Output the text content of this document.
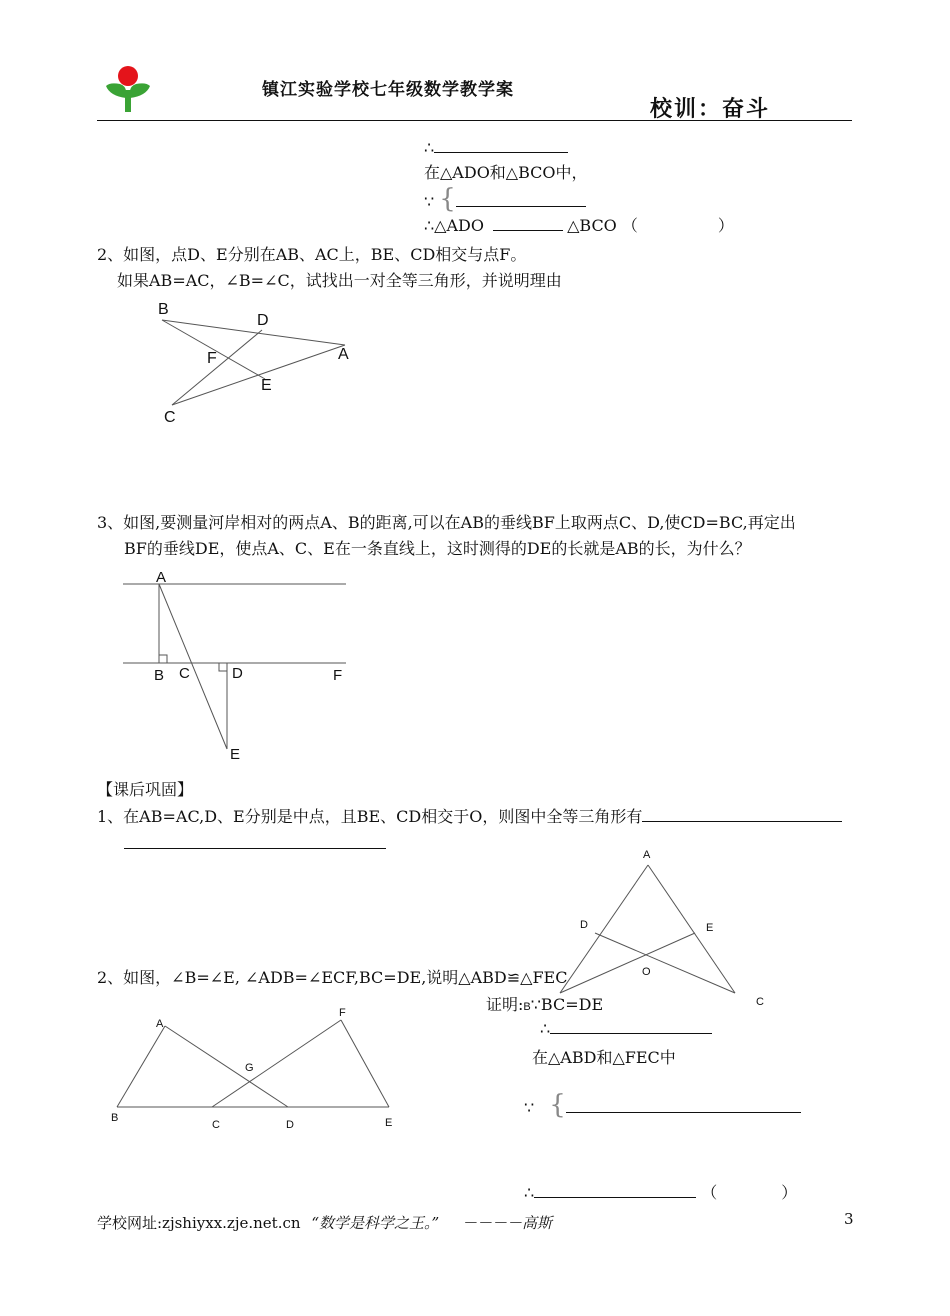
镇江实验学校七年级数学教学案
校训：奋斗
∴
在△ADO和△BCO中，
∵ {
∴△ADO	△BCO （　　　　　）
2、如图，点D、E分别在AB、AC上，BE、CD相交与点F。
如果AB=AC，∠B=∠C，试找出一对全等三角形，并说明理由
B
D
F	A
E
C
3、如图,要测量河岸相对的两点A、B的距离,可以在AB的垂线BF上取两点C、D,使CD=BC,再定出
BF的垂线DE，使点A、C、E在一条直线上，这时测得的DE的长就是AB的长，为什么？
A
B C	D	F
E
【课后巩固】
1、在AB=AC,D、E分别是中点，且BE、CD相交于O，则图中全等三角形有
A
D	E
O
C
2、如图，∠B=∠E, ∠ADB=∠ECF,BC=DE,说明△ABD≌△FEC
证明:B∵BC=DE
∴
在△ABD和△FEC中
∵ {
∴	（　　　　）
A
F
G
B
C	D	E
学校网址:zjshiyxx.zje.net.cn “数学是科学之王。” －－－－高斯	3
